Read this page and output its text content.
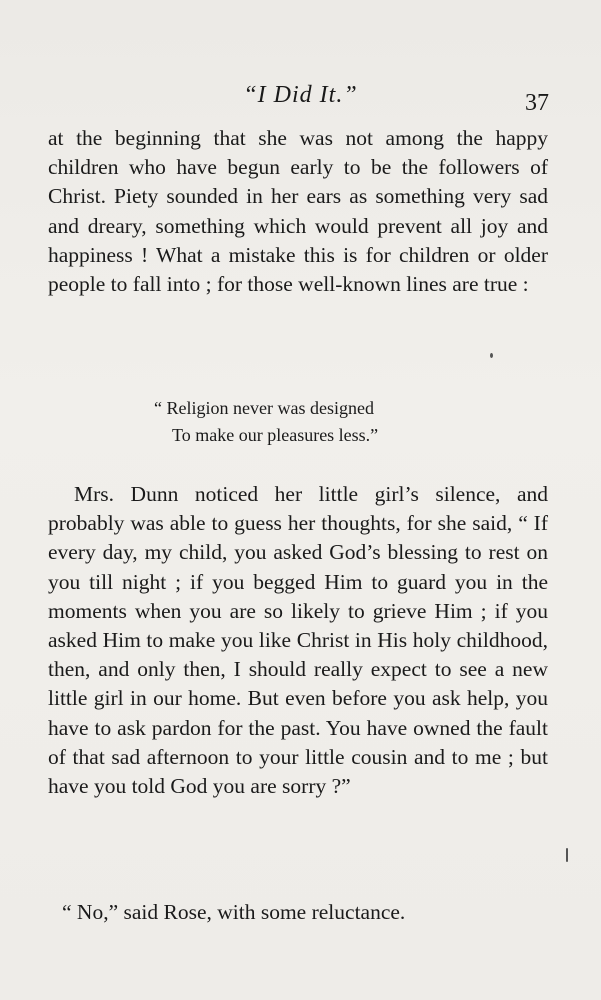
“I Did It.”	37

at the beginning that she was not among the happy children who have begun early to be the followers of Christ. Piety sounded in her ears as something very sad and dreary, something which would prevent all joy and happiness ! What a mistake this is for children or older people to fall into ; for those well-known lines are true :

“ Religion never was designed
To make our pleasures less.”

Mrs. Dunn noticed her little girl’s silence, and probably was able to guess her thoughts, for she said, “ If every day, my child, you asked God’s blessing to rest on you till night ; if you begged Him to guard you in the moments when you are so likely to grieve Him ; if you asked Him to make you like Christ in His holy childhood, then, and only then, I should really expect to see a new little girl in our home. But even before you ask help, you have to ask pardon for the past. You have owned the fault of that sad afternoon to your little cousin and to me ; but have you told God you are sorry ?”

“ No,” said Rose, with some reluctance.
